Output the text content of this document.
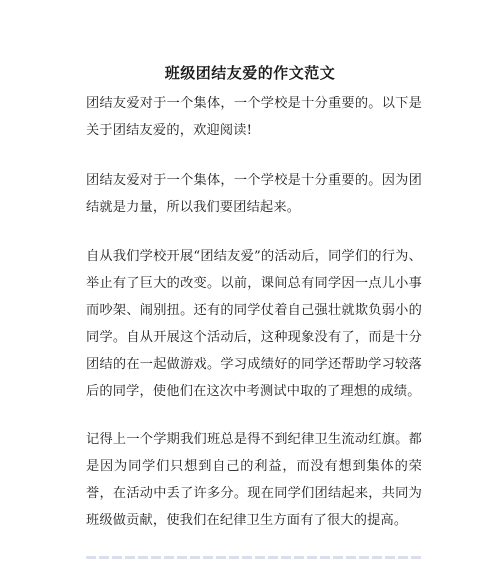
班级团结友爱的作文范文
团结友爱对于一个集体，一个学校是十分重要的。以下是关于团结友爱的，欢迎阅读!
团结友爱对于一个集体，一个学校是十分重要的。因为团结就是力量，所以我们要团结起来。
自从我们学校开展“团结友爱”的活动后，同学们的行为、举止有了巨大的改变。以前，课间总有同学因一点儿小事而吵架、闹别扭。还有的同学仗着自己强壮就欺负弱小的同学。自从开展这个活动后，这种现象没有了，而是十分团结的在一起做游戏。学习成绩好的同学还帮助学习较落后的同学，使他们在这次中考测试中取的了理想的成绩。
记得上一个学期我们班总是得不到纪律卫生流动红旗。都是因为同学们只想到自己的利益，而没有想到集体的荣誉，在活动中丢了许多分。现在同学们团结起来，共同为班级做贡献，使我们在纪律卫生方面有了很大的提高。
